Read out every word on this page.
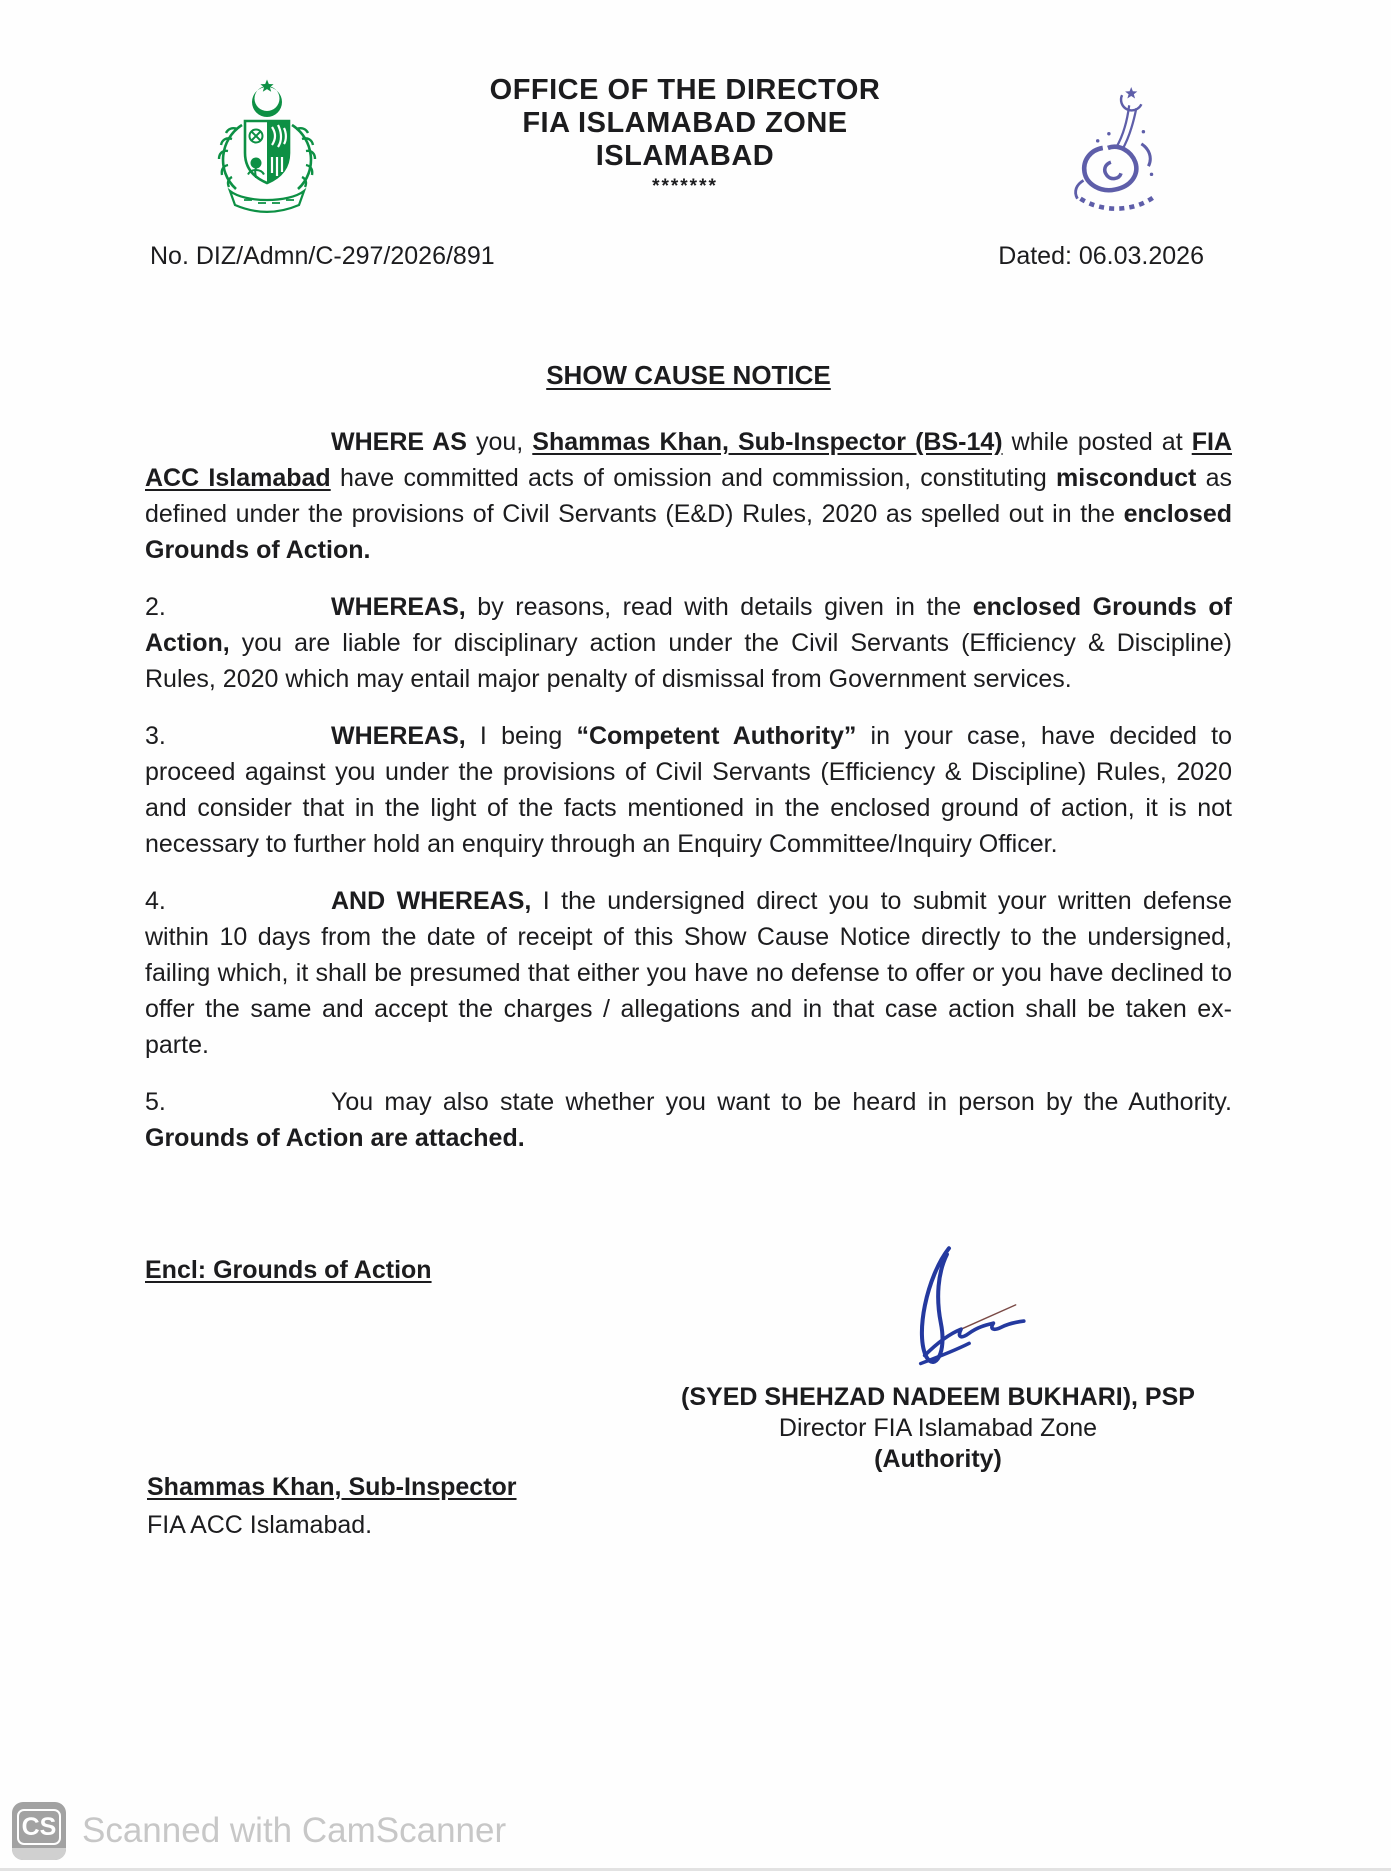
OFFICE OF THE DIRECTOR
FIA ISLAMABAD ZONE
ISLAMABAD
*******
No. DIZ/Admn/C-297/2026/891	Dated: 06.03.2026
SHOW CAUSE NOTICE

WHERE AS you, Shammas Khan, Sub-Inspector (BS-14) while posted at FIA ACC Islamabad have committed acts of omission and commission, constituting misconduct as defined under the provisions of Civil Servants (E&D) Rules, 2020 as spelled out in the enclosed Grounds of Action.

2.	WHEREAS, by reasons, read with details given in the enclosed Grounds of Action, you are liable for disciplinary action under the Civil Servants (Efficiency & Discipline) Rules, 2020 which may entail major penalty of dismissal from Government services.

3.	WHEREAS, I being “Competent Authority” in your case, have decided to proceed against you under the provisions of Civil Servants (Efficiency & Discipline) Rules, 2020 and consider that in the light of the facts mentioned in the enclosed ground of action, it is not necessary to further hold an enquiry through an Enquiry Committee/Inquiry Officer.

4.	AND WHEREAS, I the undersigned direct you to submit your written defense within 10 days from the date of receipt of this Show Cause Notice directly to the undersigned, failing which, it shall be presumed that either you have no defense to offer or you have declined to offer the same and accept the charges / allegations and in that case action shall be taken ex-parte.

5.	You may also state whether you want to be heard in person by the Authority. Grounds of Action are attached.

Encl: Grounds of Action
(SYED SHEHZAD NADEEM BUKHARI), PSP
Director FIA Islamabad Zone
(Authority)
Shammas Khan, Sub-Inspector
FIA ACC Islamabad.
CS Scanned with CamScanner
